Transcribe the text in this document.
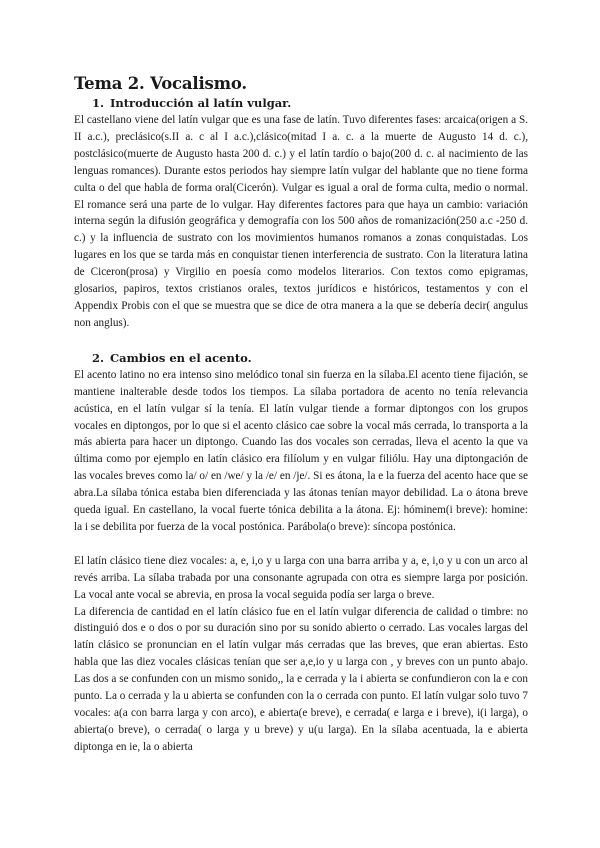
Tema 2. Vocalismo.
1. Introducción al latín vulgar.

El castellano viene del latín vulgar que es una fase de latín. Tuvo diferentes fases: arcaica(origen a S. II a.c.), preclásico(s.II a. c al I a.c.),clásico(mitad I a. c. a la muerte de Augusto 14 d. c.), postclásico(muerte de Augusto hasta 200 d. c.) y el latín tardío o bajo(200 d. c. al nacimiento de las lenguas romances). Durante estos periodos hay siempre latín vulgar del hablante que no tiene forma culta o del que habla de forma oral(Cicerón). Vulgar es igual a oral de forma culta, medio o normal. El romance será una parte de lo vulgar. Hay diferentes factores para que haya un cambio: variación interna según la difusión geográfica y demografía con los 500 años de romanización(250 a.c -250 d. c.) y la influencia de sustrato con los movimientos humanos romanos a zonas conquistadas. Los lugares en los que se tarda más en conquistar tienen interferencia de sustrato. Con la literatura latina de Ciceron(prosa) y Virgilio en poesía como modelos literarios. Con textos como epigramas, glosarios, papiros, textos cristianos orales, textos jurídicos e históricos, testamentos y con el Appendix Probis con el que se muestra que se dice de otra manera a la que se debería decir( angulus non anglus).

2. Cambios en el acento.

El acento latino no era intenso sino melódico tonal sin fuerza en la sílaba.El acento tiene fijación, se mantiene inalterable desde todos los tiempos. La sílaba portadora de acento no tenía relevancia acústica, en el latín vulgar sí la tenía. El latín vulgar tiende a formar diptongos con los grupos vocales en diptongos, por lo que si el acento clásico cae sobre la vocal más cerrada, lo transporta a la más abierta para hacer un diptongo. Cuando las dos vocales son cerradas, lleva el acento la que va última como por ejemplo en latín clásico era filíolum y en vulgar filiólu. Hay una diptongación de las vocales breves como la/ o/ en /we/ y la /e/ en /je/. Si es átona, la e la fuerza del acento hace que se abra.La sílaba tónica estaba bien diferenciada y las átonas tenían mayor debilidad. La o átona breve queda igual. En castellano, la vocal fuerte tónica debilita a la átona. Ej: hóminem(i breve): homine: la i se debilita por fuerza de la vocal postónica. Parábola(o breve): síncopa postónica.

El latín clásico tiene diez vocales: a, e, i,o y u larga con una barra arriba y a, e, i,o y u con un arco al revés arriba. La sílaba trabada por una consonante agrupada con otra es siempre larga por posición. La vocal ante vocal se abrevia, en prosa la vocal seguida podía ser larga o breve.

La diferencia de cantidad en el latín clásico fue en el latín vulgar diferencia de calidad o timbre: no distinguió dos e o dos o por su duración sino por su sonido abierto o cerrado. Las vocales largas del latín clásico se pronuncian en el latín vulgar más cerradas que las breves, que eran abiertas. Esto habla que las diez vocales clásicas tenían que ser a,e,io y u larga con , y breves con un punto abajo. Las dos a se confunden con un mismo sonido,, la e cerrada y la i abierta se confundieron con la e con punto. La o cerrada y la u abierta se confunden con la o cerrada con punto. El latín vulgar solo tuvo 7 vocales: a(a con barra larga y con arco), e abierta(e breve), e cerrada( e larga e i breve), i(i larga), o abierta(o breve), o cerrada( o larga y u breve) y u(u larga). En la sílaba acentuada, la e abierta diptonga en ie, la o abierta
